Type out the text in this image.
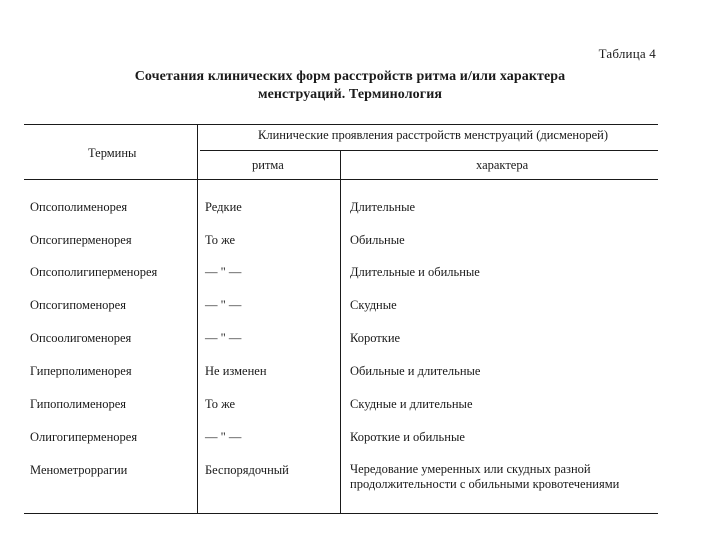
Таблица 4
Сочетания клинических форм расстройств ритма и/или характера
менструаций. Терминология
Термины
Клинические проявления расстройств менструаций (дисменорей)
ритма	характера
Опсополименорея	Редкие	Длительные
Опсогиперменорея	То же	Обильные
Опсополигиперменорея	— " —	Длительные и обильные
Опсогипоменорея	— " —	Скудные
Опсоолигоменорея	— " —	Короткие
Гиперполименорея	Не изменен	Обильные и длительные
Гипополименорея	То же	Скудные и длительные
Олигогиперменорея	— " —	Короткие и обильные
Менометроррагии	Беспорядочный	Чередование умеренных или скудных разной продолжительности с обильными кровотечениями
